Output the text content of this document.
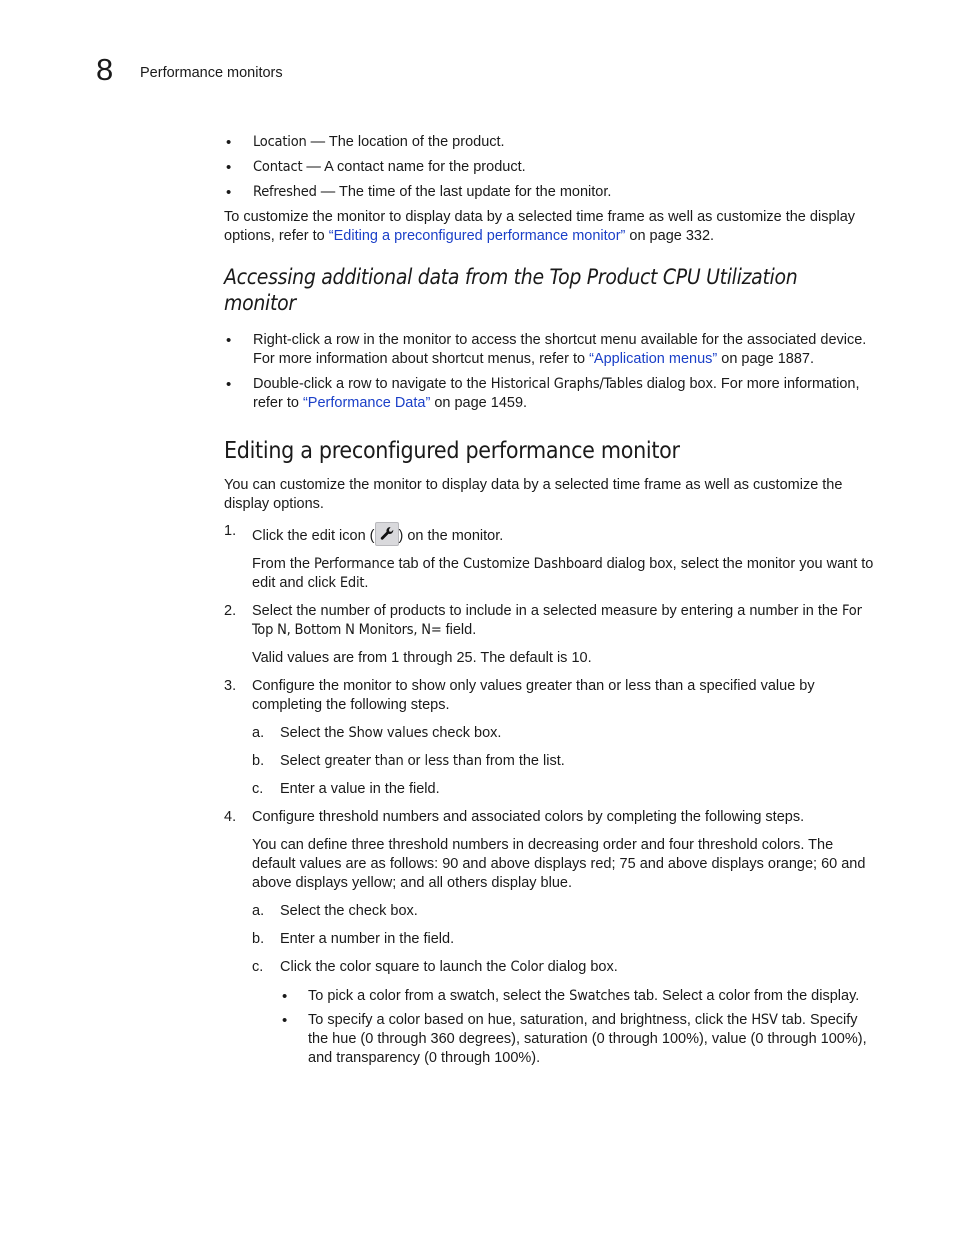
8 Performance monitors

• Location — The location of the product.

• Contact — A contact name for the product.

• Refreshed — The time of the last update for the monitor.

To customize the monitor to display data by a selected time frame as well as customize the display options, refer to “Editing a preconfigured performance monitor” on page 332.

Accessing additional data from the Top Product CPU Utilization monitor

• Right-click a row in the monitor to access the shortcut menu available for the associated device. For more information about shortcut menus, refer to “Application menus” on page 1887.

• Double-click a row to navigate to the Historical Graphs/Tables dialog box. For more information, refer to “Performance Data” on page 1459.

Editing a preconfigured performance monitor

You can customize the monitor to display data by a selected time frame as well as customize the display options.

1. Click the edit icon ( ) on the monitor.

From the Performance tab of the Customize Dashboard dialog box, select the monitor you want to edit and click Edit.

2. Select the number of products to include in a selected measure by entering a number in the For Top N, Bottom N Monitors, N= field.

Valid values are from 1 through 25. The default is 10.

3. Configure the monitor to show only values greater than or less than a specified value by completing the following steps.

a. Select the Show values check box.

b. Select greater than or less than from the list.

c. Enter a value in the field.

4. Configure threshold numbers and associated colors by completing the following steps.

You can define three threshold numbers in decreasing order and four threshold colors. The default values are as follows: 90 and above displays red; 75 and above displays orange; 60 and above displays yellow; and all others display blue.

a. Select the check box.

b. Enter a number in the field.

c. Click the color square to launch the Color dialog box.

• To pick a color from a swatch, select the Swatches tab. Select a color from the display.

• To specify a color based on hue, saturation, and brightness, click the HSV tab. Specify the hue (0 through 360 degrees), saturation (0 through 100%), value (0 through 100%), and transparency (0 through 100%).
